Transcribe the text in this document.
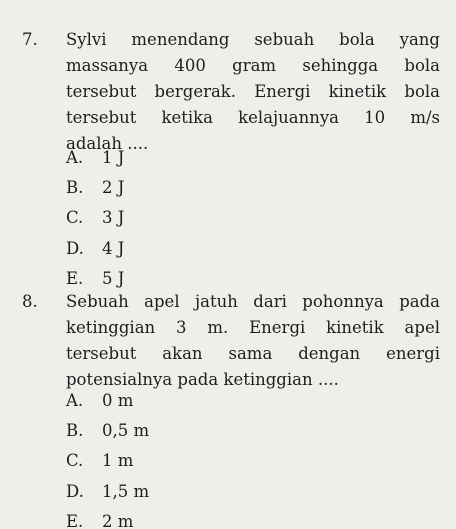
7. Sylvi menendang sebuah bola yang
massanya 400 gram sehingga bola
tersebut bergerak. Energi kinetik bola
tersebut ketika kelajuannya 10 m/s
adalah ....
A.	1 J
B.	2 J
C.	3 J
D.	4 J
E.	5 J
8. Sebuah apel jatuh dari pohonnya pada
ketinggian 3 m. Energi kinetik apel
tersebut akan sama dengan energi
potensialnya pada ketinggian ....
A.	0 m
B.	0,5 m
C.	1 m
D.	1,5 m
E.	2 m
